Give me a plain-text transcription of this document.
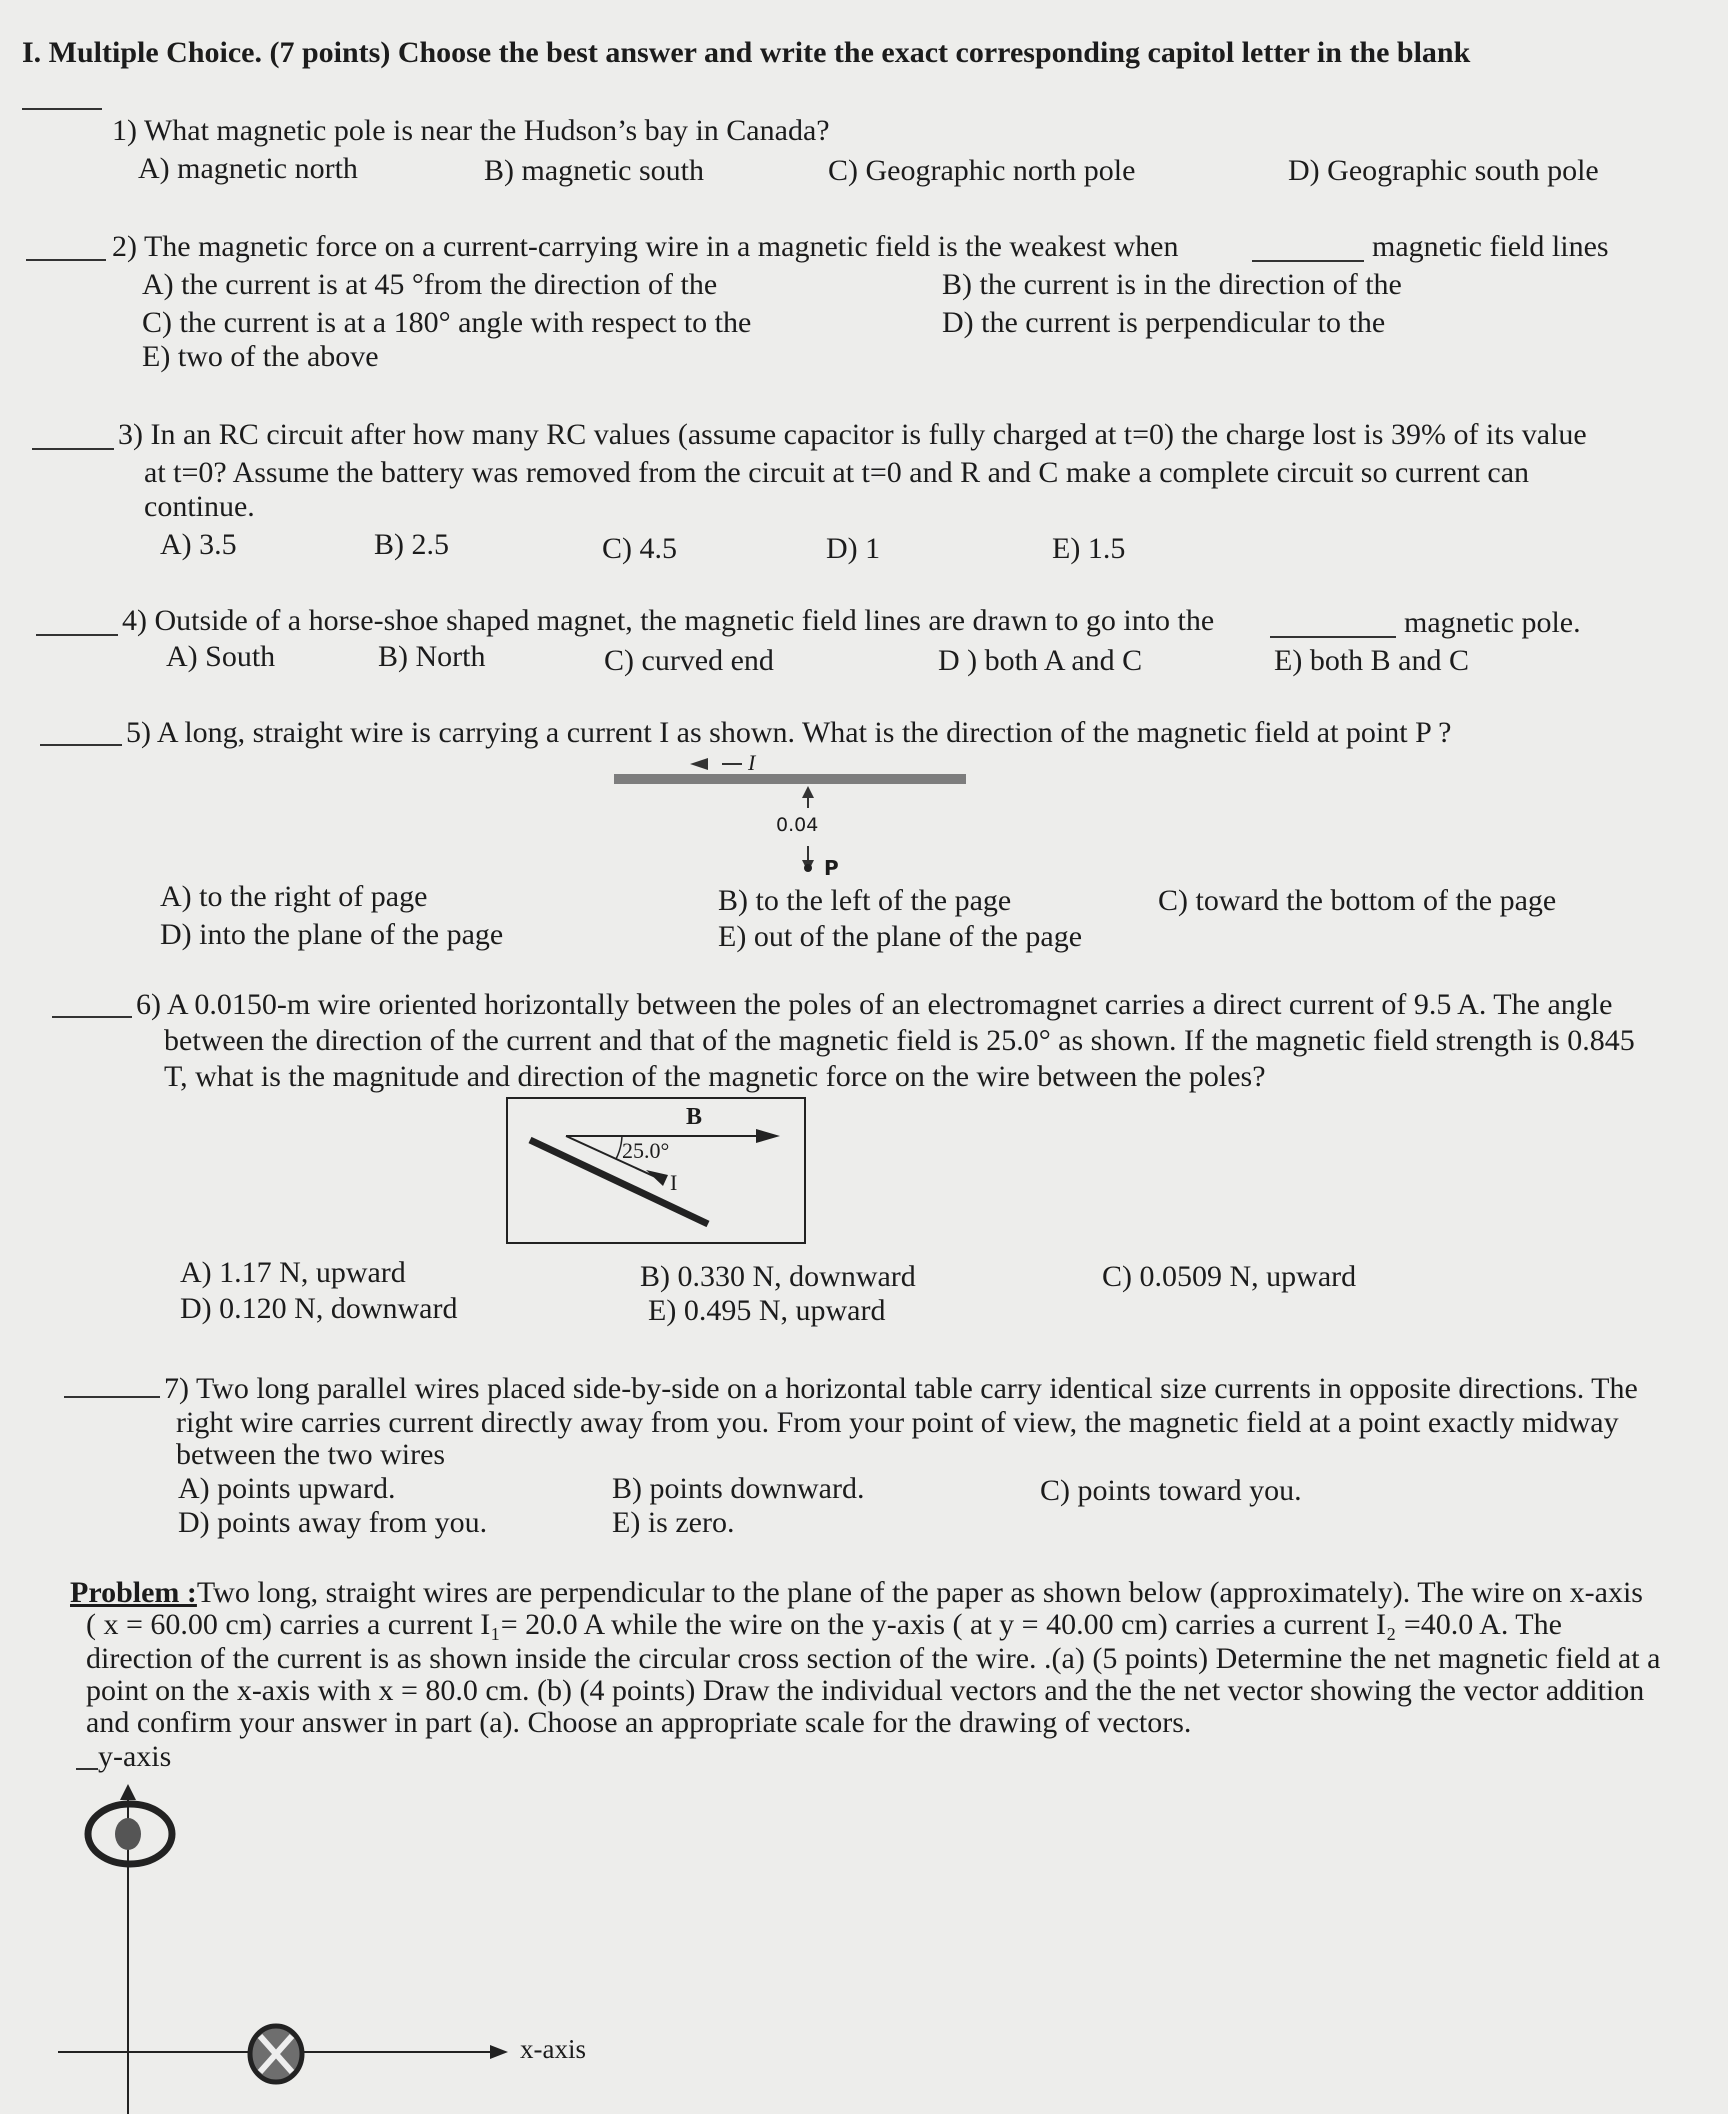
I. Multiple Choice. (7 points) Choose the best answer and write the exact corresponding capitol letter in the blank
1) What magnetic pole is near the Hudson’s bay in Canada?
A) magnetic north	B) magnetic south	C) Geographic north pole	D) Geographic south pole
2) The magnetic force on a current-carrying wire in a magnetic field is the weakest when	magnetic field lines
A) the current is at 45 °from the direction of the	B) the current is in the direction of the
C) the current is at a 180° angle with respect to the	D) the current is perpendicular to the
E) two of the above
3) In an RC circuit after how many RC values (assume capacitor is fully charged at t=0) the charge lost is 39% of its value
at t=0? Assume the battery was removed from the circuit at t=0 and R and C make a complete circuit so current can
continue.
A) 3.5	B) 2.5	C) 4.5	D) 1	E) 1.5
4) Outside of a horse-shoe shaped magnet, the magnetic field lines are drawn to go into the	magnetic pole.
A) South	B) North	C) curved end	D ) both A and C	E) both B and C
5) A long, straight wire is carrying a current I as shown. What is the direction of the magnetic field at point P ?
I
0.04
P
A) to the right of page	B) to the left of the page	C) toward the bottom of the page
D) into the plane of the page	E) out of the plane of the page
6) A 0.0150-m wire oriented horizontally between the poles of an electromagnet carries a direct current of 9.5 A. The angle
between the direction of the current and that of the magnetic field is 25.0° as shown. If the magnetic field strength is 0.845
T, what is the magnitude and direction of the magnetic force on the wire between the poles?
B
25.0°
I
A) 1.17 N, upward	B) 0.330 N, downward	C) 0.0509 N, upward
D) 0.120 N, downward	E) 0.495 N, upward
7) Two long parallel wires placed side-by-side on a horizontal table carry identical size currents in opposite directions. The
right wire carries current directly away from you. From your point of view, the magnetic field at a point exactly midway
between the two wires
A) points upward.	B) points downward.	C) points toward you.
D) points away from you.	E) is zero.
Problem :Two long, straight wires are perpendicular to the plane of the paper as shown below (approximately). The wire on x-axis
( x = 60.00 cm) carries a current I₁= 20.0 A while the wire on the y-axis ( at y = 40.00 cm) carries a current I₂ =40.0 A. The
direction of the current is as shown inside the circular cross section of the wire. .(a) (5 points) Determine the net magnetic field at a
point on the x-axis with x = 80.0 cm. (b) (4 points) Draw the individual vectors and the the net vector showing the vector addition
and confirm your answer in part (a). Choose an appropriate scale for the drawing of vectors.
y-axis
x-axis
